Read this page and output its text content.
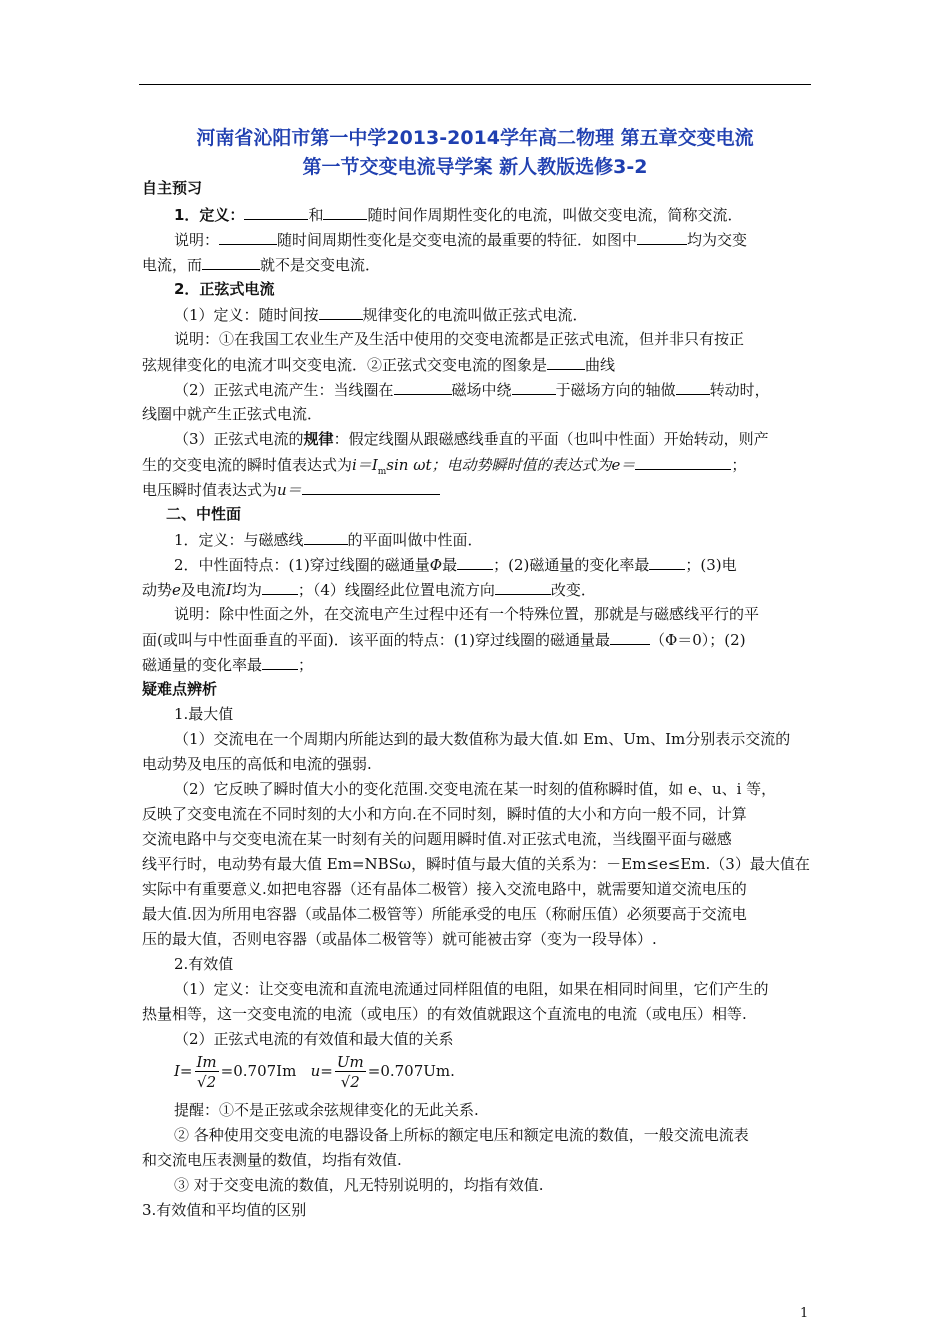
河南省沁阳市第一中学2013-2014学年高二物理 第五章交变电流
第一节交变电流导学案 新人教版选修3-2
自主预习
1．定义：	和	随时间作周期性变化的电流，叫做交变电流，简称交流．
说明：	随时间周期性变化是交变电流的最重要的特征．如图中	均为交变
电流，而	就不是交变电流．
2．正弦式电流
（1）定义：随时间按	规律变化的电流叫做正弦式电流．
说明：①在我国工农业生产及生活中使用的交变电流都是正弦式电流，但并非只有按正
弦规律变化的电流才叫交变电流．②正弦式交变电流的图象是	曲线
（2）正弦式电流产生：当线圈在	磁场中绕	于磁场方向的轴做 转动时，
线圈中就产生正弦式电流．
（3）正弦式电流的规律：假定线圈从跟磁感线垂直的平面（也叫中性面）开始转动，则产
生的交变电流的瞬时值表达式为$i=I_m\sin$ ωt；电动势瞬时值的表达式为e＝	；
电压瞬时值表达式为u＝
二、中性面
1．定义：与磁感线	的平面叫做中性面．
2．中性面特点：(1)穿过线圈的磁通量Φ最 ；(2)磁通量的变化率最 ；(3)电
动势e及电流I均为 ；（4）线圈经此位置电流方向	改变．
说明：除中性面之外，在交流电产生过程中还有一个特殊位置，那就是与磁感线平行的平
面(或叫与中性面垂直的平面)．该平面的特点：(1)穿过线圈的磁通量最	（Φ＝0）；(2)
磁通量的变化率最 ；
疑难点辨析
1.最大值
（1）交流电在一个周期内所能达到的最大数值称为最大值.如 Em、Um、Im分别表示交流的
电动势及电压的高低和电流的强弱.
（2）它反映了瞬时值大小的变化范围.交变电流在某一时刻的值称瞬时值，如 e、u、i 等，
反映了交变电流在不同时刻的大小和方向.在不同时刻，瞬时值的大小和方向一般不同，计算
交流电路中与交变电流在某一时刻有关的问题用瞬时值.对正弦式电流，当线圈平面与磁感
线平行时，电动势有最大值 Em=NBSω，瞬时值与最大值的关系为：－Em≤e≤Em.（3）最大值在
实际中有重要意义.如把电容器（还有晶体二极管）接入交流电路中，就需要知道交流电压的
最大值.因为所用电容器（或晶体二极管等）所能承受的电压（称耐压值）必须要高于交流电
压的最大值，否则电容器（或晶体二极管等）就可能被击穿（变为一段导体）.
2.有效值
（1）定义：让交变电流和直流电流通过同样阻值的电阻，如果在相同时间里，它们产生的
热量相等，这一交变电流的电流（或电压）的有效值就跟这个直流电的电流（或电压）相等.
（2）正弦式电流的有效值和最大值的关系
$I= \frac{Im}{√2} =0.707Im$ $u= \frac{Um}{√2} =0.707Um$.
提醒：①不是正弦或余弦规律变化的无此关系.
② 各种使用交变电流的电器设备上所标的额定电压和额定电流的数值，一般交流电流表
和交流电压表测量的数值，均指有效值.
③ 对于交变电流的数值，凡无特别说明的，均指有效值.
3.有效值和平均值的区别
1
